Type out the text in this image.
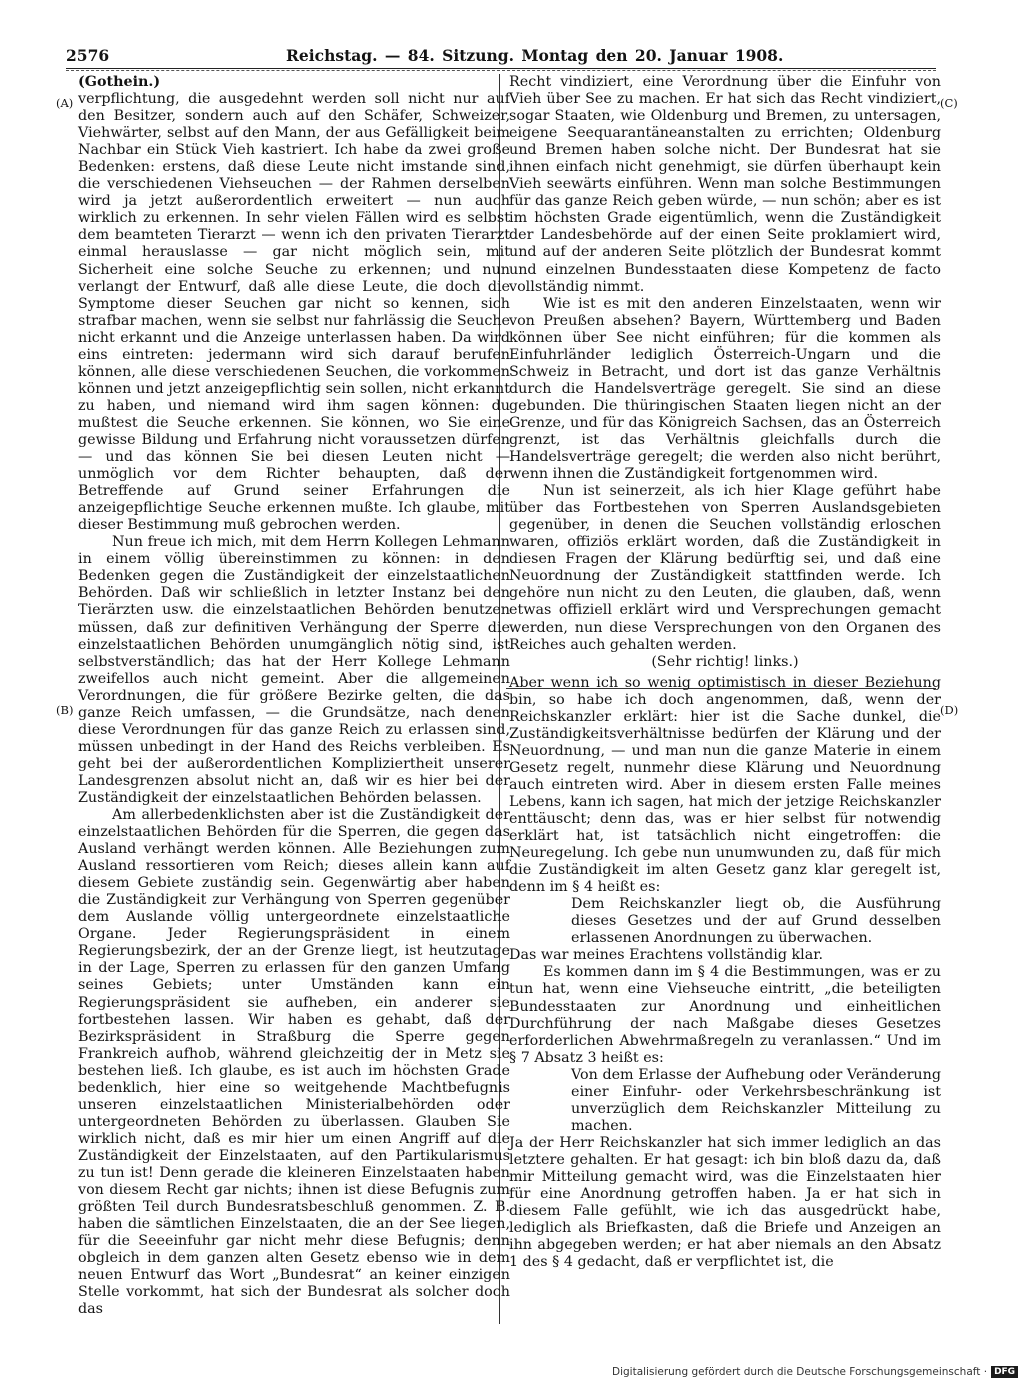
2576	Reichstag. — 84. Sitzung. Montag den 20. Januar 1908.
(A)
(B)
(C)
(D)

(Gothein.)

verpflichtung, die ausgedehnt werden soll nicht nur auf den Besitzer, sondern auch auf den Schäfer, Schweizer, Viehwärter, selbst auf den Mann, der aus Gefälligkeit beim Nachbar ein Stück Vieh kastriert. Ich habe da zwei große Bedenken: erstens, daß diese Leute nicht imstande sind, die verschiedenen Viehseuchen — der Rahmen derselben wird ja jetzt außerordentlich erweitert — nun auch wirklich zu erkennen. In sehr vielen Fällen wird es selbst dem beamteten Tierarzt — wenn ich den privaten Tierarzt einmal herauslasse — gar nicht möglich sein, mit Sicherheit eine solche Seuche zu erkennen; und nun verlangt der Entwurf, daß alle diese Leute, die doch die Symptome dieser Seuchen gar nicht so kennen, sich strafbar machen, wenn sie selbst nur fahrlässig die Seuche nicht erkannt und die Anzeige unterlassen haben. Da wird eins eintreten: jedermann wird sich darauf berufen können, alle diese verschiedenen Seuchen, die vorkommen können und jetzt anzeigepflichtig sein sollen, nicht erkannt zu haben, und niemand wird ihm sagen können: du mußtest die Seuche erkennen. Sie können, wo Sie eine gewisse Bildung und Erfahrung nicht voraussetzen dürfen — und das können Sie bei diesen Leuten nicht — unmöglich vor dem Richter behaupten, daß der Betreffende auf Grund seiner Erfahrungen die anzeigepflichtige Seuche erkennen mußte. Ich glaube, mit dieser Bestimmung muß gebrochen werden.

Nun freue ich mich, mit dem Herrn Kollegen Lehmann in einem völlig übereinstimmen zu können: in den Bedenken gegen die Zuständigkeit der einzelstaatlichen Behörden. Daß wir schließlich in letzter Instanz bei den Tierärzten usw. die einzelstaatlichen Behörden benutzen müssen, daß zur definitiven Verhängung der Sperre die einzelstaatlichen Behörden unumgänglich nötig sind, ist selbstverständlich; das hat der Herr Kollege Lehmann zweifellos auch nicht gemeint. Aber die allgemeinen Verordnungen, die für größere Bezirke gelten, die das ganze Reich umfassen, — die Grundsätze, nach denen diese Verordnungen für das ganze Reich zu erlassen sind, müssen unbedingt in der Hand des Reichs verbleiben. Es geht bei der außerordentlichen Kompliziertheit unserer Landesgrenzen absolut nicht an, daß wir es hier bei der Zuständigkeit der einzelstaatlichen Behörden belassen.

Am allerbedenklichsten aber ist die Zuständigkeit der einzelstaatlichen Behörden für die Sperren, die gegen das Ausland verhängt werden können. Alle Beziehungen zum Ausland ressortieren vom Reich; dieses allein kann auf diesem Gebiete zuständig sein. Gegenwärtig aber haben die Zuständigkeit zur Verhängung von Sperren gegenüber dem Auslande völlig untergeordnete einzelstaatliche Organe. Jeder Regierungspräsident in einem Regierungsbezirk, der an der Grenze liegt, ist heutzutage in der Lage, Sperren zu erlassen für den ganzen Umfang seines Gebiets; unter Umständen kann ein Regierungspräsident sie aufheben, ein anderer sie fortbestehen lassen. Wir haben es gehabt, daß der Bezirkspräsident in Straßburg die Sperre gegen Frankreich aufhob, während gleichzeitig der in Metz sie bestehen ließ. Ich glaube, es ist auch im höchsten Grade bedenklich, hier eine so weitgehende Machtbefugnis unseren einzelstaatlichen Ministerialbehörden oder untergeordneten Behörden zu überlassen. Glauben Sie wirklich nicht, daß es mir hier um einen Angriff auf die Zuständigkeit der Einzelstaaten, auf den Partikularismus zu tun ist! Denn gerade die kleineren Einzelstaaten haben von diesem Recht gar nichts; ihnen ist diese Befugnis zum größten Teil durch Bundesratsbeschluß genommen. Z. B. haben die sämtlichen Einzelstaaten, die an der See liegen, für die Seeeinfuhr gar nicht mehr diese Befugnis; denn obgleich in dem ganzen alten Gesetz ebenso wie in dem neuen Entwurf das Wort „Bundesrat“ an keiner einzigen Stelle vorkommt, hat sich der Bundesrat als solcher doch das

Recht vindiziert, eine Verordnung über die Einfuhr von Vieh über See zu machen. Er hat sich das Recht vindiziert, sogar Staaten, wie Oldenburg und Bremen, zu untersagen, eigene Seequarantäneanstalten zu errichten; Oldenburg und Bremen haben solche nicht. Der Bundesrat hat sie ihnen einfach nicht genehmigt, sie dürfen überhaupt kein Vieh seewärts einführen. Wenn man solche Bestimmungen für das ganze Reich geben würde, — nun schön; aber es ist im höchsten Grade eigentümlich, wenn die Zuständigkeit der Landesbehörde auf der einen Seite proklamiert wird, und auf der anderen Seite plötzlich der Bundesrat kommt und einzelnen Bundesstaaten diese Kompetenz de facto vollständig nimmt.

Wie ist es mit den anderen Einzelstaaten, wenn wir von Preußen absehen? Bayern, Württemberg und Baden können über See nicht einführen; für die kommen als Einfuhrländer lediglich Österreich-Ungarn und die Schweiz in Betracht, und dort ist das ganze Verhältnis durch die Handelsverträge geregelt. Sie sind an diese gebunden. Die thüringischen Staaten liegen nicht an der Grenze, und für das Königreich Sachsen, das an Österreich grenzt, ist das Verhältnis gleichfalls durch die Handelsverträge geregelt; die werden also nicht berührt, wenn ihnen die Zuständigkeit fortgenommen wird.

Nun ist seinerzeit, als ich hier Klage geführt habe über das Fortbestehen von Sperren Auslandsgebieten gegenüber, in denen die Seuchen vollständig erloschen waren, offiziös erklärt worden, daß die Zuständigkeit in diesen Fragen der Klärung bedürftig sei, und daß eine Neuordnung der Zuständigkeit stattfinden werde. Ich gehöre nun nicht zu den Leuten, die glauben, daß, wenn etwas offiziell erklärt wird und Versprechungen gemacht werden, nun diese Versprechungen von den Organen des Reiches auch gehalten werden.

(Sehr richtig! links.)

Aber wenn ich so wenig optimistisch in dieser Beziehung bin, so habe ich doch angenommen, daß, wenn der Reichskanzler erklärt: hier ist die Sache dunkel, die Zuständigkeitsverhältnisse bedürfen der Klärung und der Neuordnung, — und man nun die ganze Materie in einem Gesetz regelt, nunmehr diese Klärung und Neuordnung auch eintreten wird. Aber in diesem ersten Falle meines Lebens, kann ich sagen, hat mich der jetzige Reichskanzler enttäuscht; denn das, was er hier selbst für notwendig erklärt hat, ist tatsächlich nicht eingetroffen: die Neuregelung. Ich gebe nun unumwunden zu, daß für mich die Zuständigkeit im alten Gesetz ganz klar geregelt ist, denn im § 4 heißt es:

Dem Reichskanzler liegt ob, die Ausführung dieses Gesetzes und der auf Grund desselben erlassenen Anordnungen zu überwachen.

Das war meines Erachtens vollständig klar.

Es kommen dann im § 4 die Bestimmungen, was er zu tun hat, wenn eine Viehseuche eintritt, „die beteiligten Bundesstaaten zur Anordnung und einheitlichen Durchführung der nach Maßgabe dieses Gesetzes erforderlichen Abwehrmaßregeln zu veranlassen.“ Und im § 7 Absatz 3 heißt es:

Von dem Erlasse der Aufhebung oder Veränderung einer Einfuhr- oder Verkehrsbeschränkung ist unverzüglich dem Reichskanzler Mitteilung zu machen.

Ja der Herr Reichskanzler hat sich immer lediglich an das letztere gehalten. Er hat gesagt: ich bin bloß dazu da, daß mir Mitteilung gemacht wird, was die Einzelstaaten hier für eine Anordnung getroffen haben. Ja er hat sich in diesem Falle gefühlt, wie ich das ausgedrückt habe, lediglich als Briefkasten, daß die Briefe und Anzeigen an ihn abgegeben werden; er hat aber niemals an den Absatz 1 des § 4 gedacht, daß er verpflichtet ist, die

Digitalisierung gefördert durch die Deutsche Forschungsgemeinschaft · DFG
